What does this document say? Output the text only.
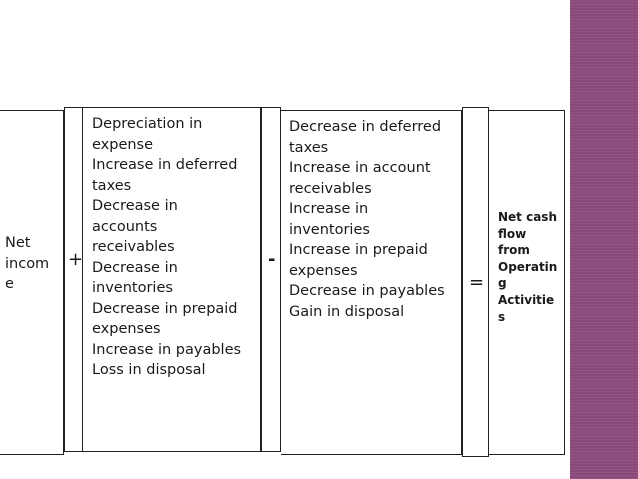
Net
incom
e
+
Depreciation in
expense
Increase in deferred
taxes
Decrease in
accounts
receivables
Decrease in
inventories
Decrease in prepaid
expenses
Increase in payables
Loss in disposal
-
Decrease in deferred
taxes
Increase in account
receivables
Increase in
inventories
Increase in prepaid
expenses
Decrease in payables
Gain in disposal
=
Net cash
flow
from
Operatin
g
Activitie
s
